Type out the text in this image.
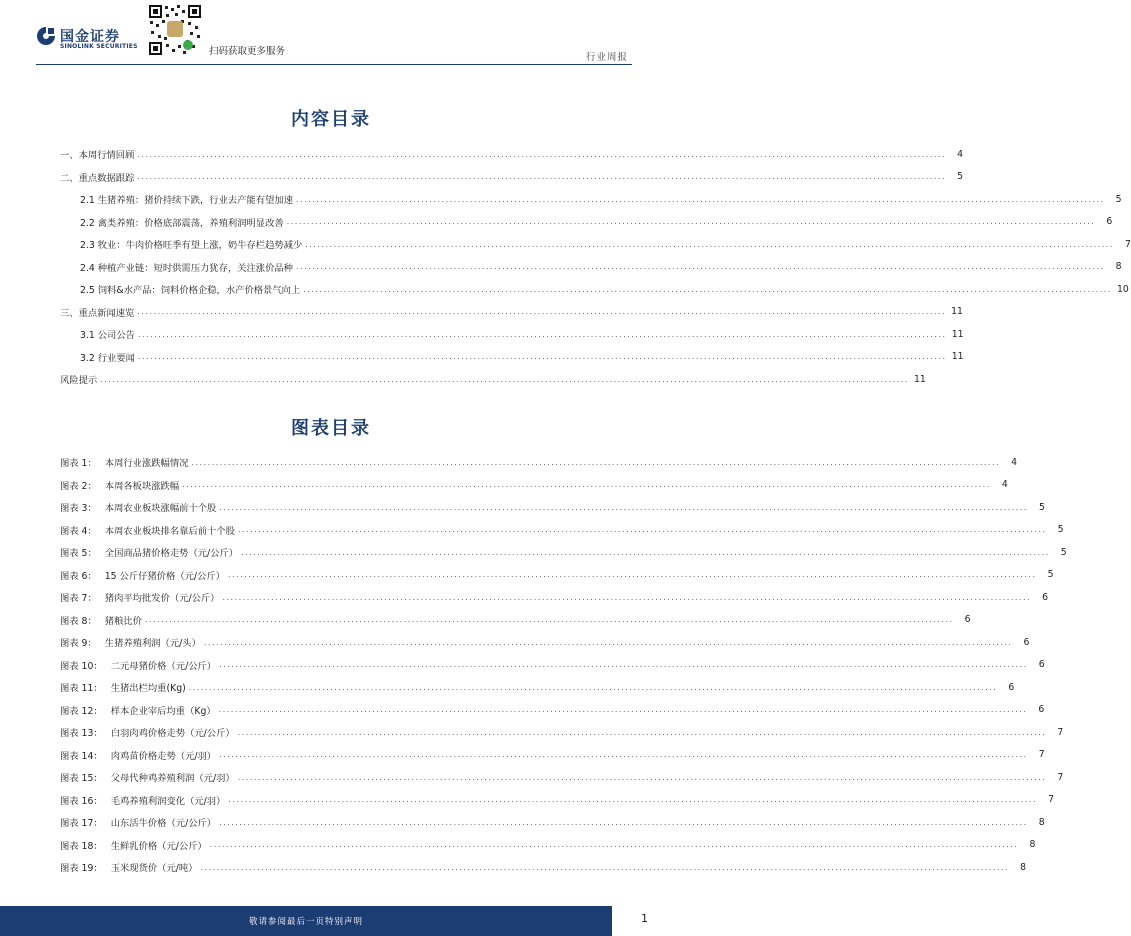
国金证券
SINOLINK SECURITIES	扫码获取更多服务
行业周报
内容目录
一、本周行情回顾 ........................................................................................................................................................................................................	4
二、重点数据跟踪 ........................................................................................................................................................................................................	5
2.1 生猪养殖：猪价持续下跌，行业去产能有望加速 ........................................................................................................................................................................................................	5
2.2 禽类养殖：价格底部震荡，养殖利润明显改善 ........................................................................................................................................................................................................	6
2.3 牧业：牛肉价格旺季有望上涨，奶牛存栏趋势减少 ........................................................................................................................................................................................................	7
2.4 种植产业链：短时供需压力犹存，关注涨价品种 ........................................................................................................................................................................................................	8
2.5 饲料&水产品：饲料价格企稳，水产价格景气向上 ........................................................................................................................................................................................................ 10
三、重点新闻速览 ........................................................................................................................................................................................................ 11
3.1 公司公告 ........................................................................................................................................................................................................ 11
3.2 行业要闻 ........................................................................................................................................................................................................ 11
风险提示 ........................................................................................................................................................................................................ 11
图表目录
图表 1： 本周行业涨跌幅情况 ........................................................................................................................................................................................................	4
图表 2： 本周各板块涨跌幅 ........................................................................................................................................................................................................	4
图表 3： 本周农业板块涨幅前十个股 ........................................................................................................................................................................................................	5
图表 4： 本周农业板块排名靠后前十个股 ........................................................................................................................................................................................................	5
图表 5： 全国商品猪价格走势（元/公斤） ........................................................................................................................................................................................................	5
图表 6： 15 公斤仔猪价格（元/公斤） ........................................................................................................................................................................................................	5
图表 7： 猪肉平均批发价（元/公斤） ........................................................................................................................................................................................................	6
图表 8： 猪粮比价 ........................................................................................................................................................................................................	6
图表 9： 生猪养殖利润（元/头） ........................................................................................................................................................................................................	6
图表 10： 二元母猪价格（元/公斤） ........................................................................................................................................................................................................	6
图表 11： 生猪出栏均重(Kg) ........................................................................................................................................................................................................	6
图表 12： 样本企业宰后均重（Kg） ........................................................................................................................................................................................................	6
图表 13： 白羽肉鸡价格走势（元/公斤） ........................................................................................................................................................................................................	7
图表 14： 肉鸡苗价格走势（元/羽） ........................................................................................................................................................................................................	7
图表 15： 父母代种鸡养殖利润（元/羽） ........................................................................................................................................................................................................	7
图表 16： 毛鸡养殖利润变化（元/羽） ........................................................................................................................................................................................................	7
图表 17： 山东活牛价格（元/公斤） ........................................................................................................................................................................................................	8
图表 18： 生鲜乳价格（元/公斤） ........................................................................................................................................................................................................	8
图表 19： 玉米现货价（元/吨） ........................................................................................................................................................................................................	8
敬请参阅最后一页特别声明	1
